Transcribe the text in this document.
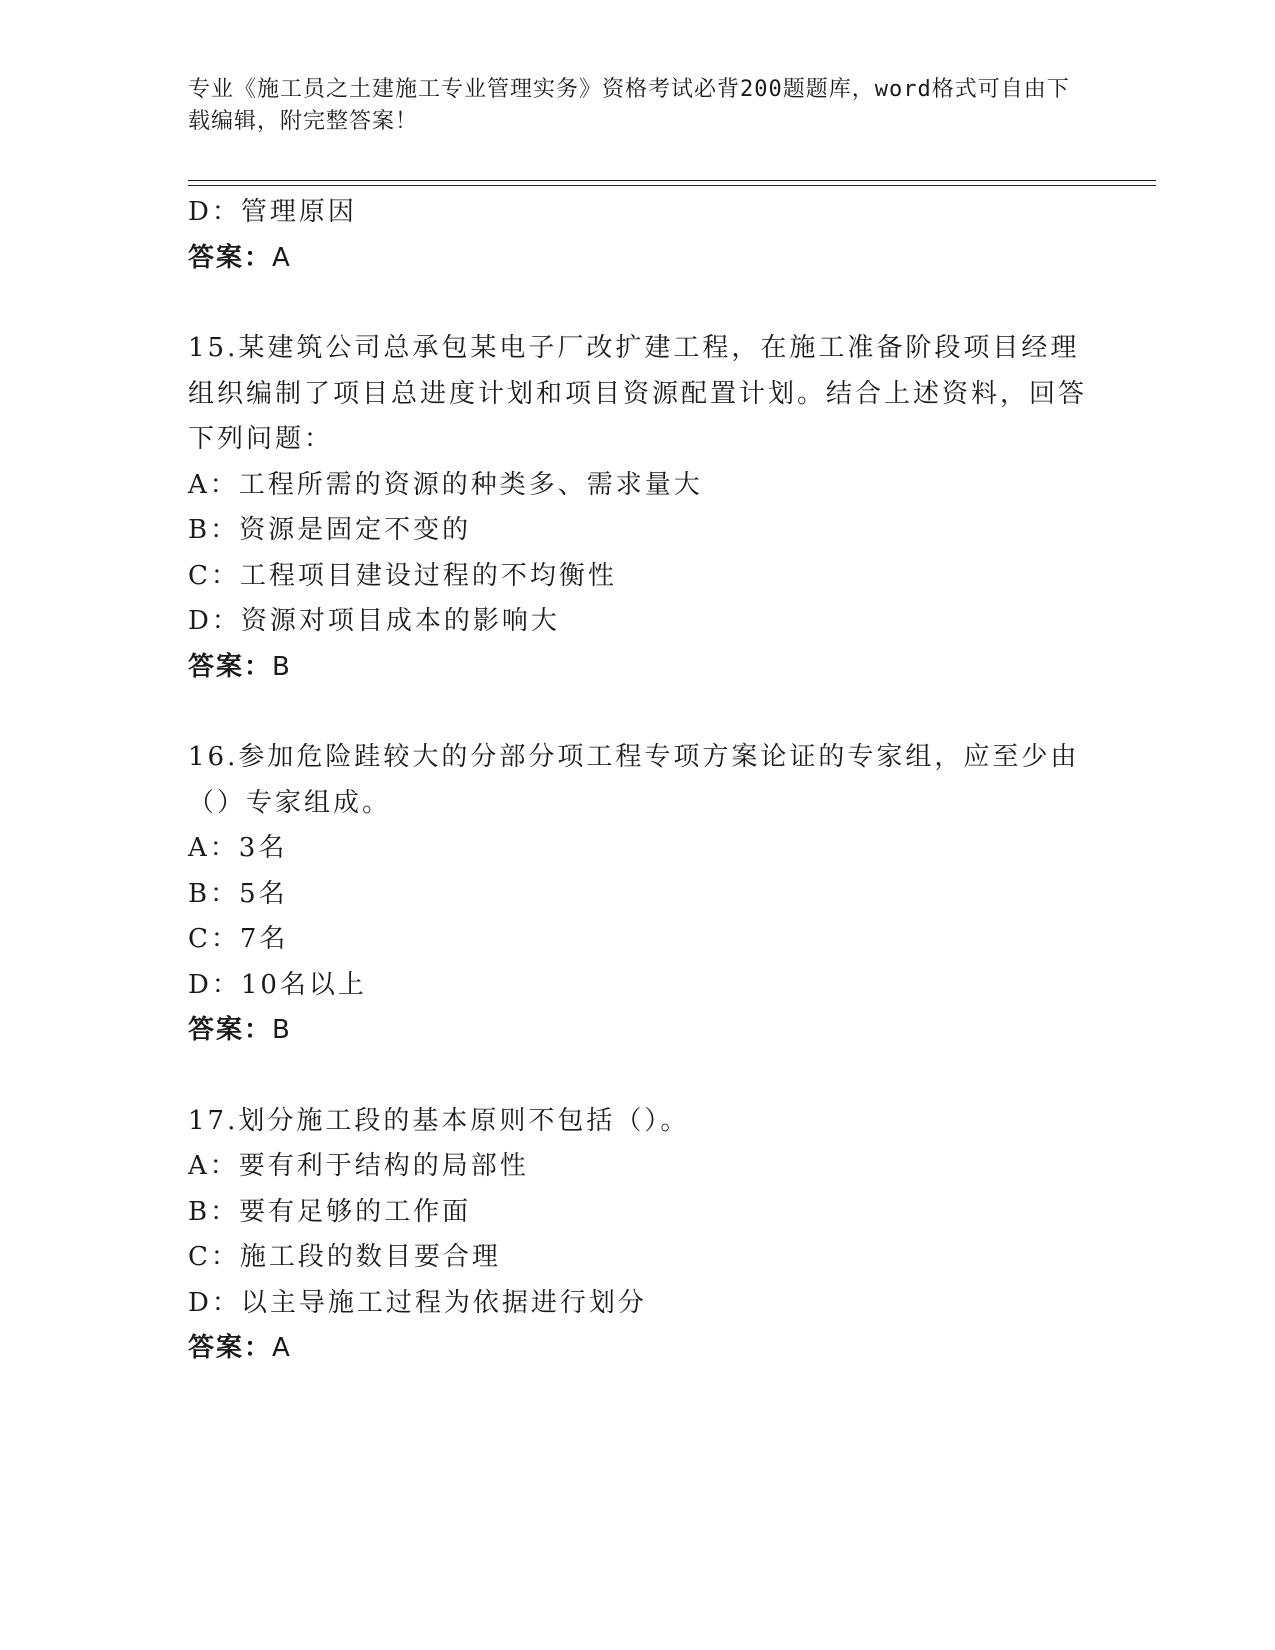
专业《施工员之土建施工专业管理实务》资格考试必背200题题库，word格式可自由下载编辑，附完整答案！
D：管理原因
答案：A
15.某建筑公司总承包某电子厂改扩建工程，在施工准备阶段项目经理组织编制了项目总进度计划和项目资源配置计划。结合上述资料，回答下列问题：
A：工程所需的资源的种类多、需求量大
B：资源是固定不变的
C：工程项目建设过程的不均衡性
D：资源对项目成本的影响大
答案：B
16.参加危险跬较大的分部分项工程专项方案论证的专家组，应至少由（）专家组成。
A：3名
B：5名
C：7名
D：10名以上
答案：B
17.划分施工段的基本原则不包括（）。
A：要有利于结构的局部性
B：要有足够的工作面
C：施工段的数目要合理
D：以主导施工过程为依据进行划分
答案：A
